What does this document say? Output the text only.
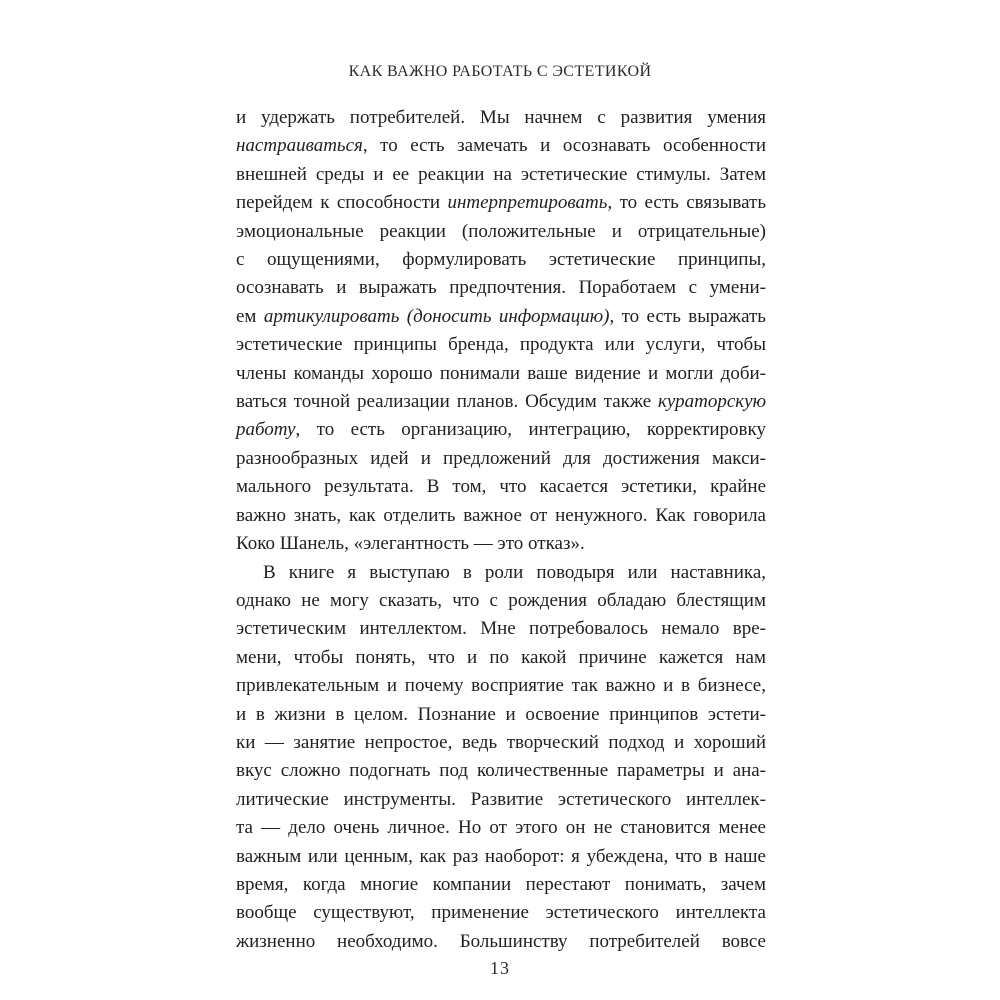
КАК ВАЖНО РАБОТАТЬ С ЭСТЕТИКОЙ
и удержать потребителей. Мы начнем с развития умения
настраиваться, то есть замечать и осознавать особенности
внешней среды и ее реакции на эстетические стимулы. Затем
перейдем к способности интерпретировать, то есть связывать
эмоциональные реакции (положительные и отрицательные)
с ощущениями, формулировать эстетические принципы,
осознавать и выражать предпочтения. Поработаем с умени-
ем артикулировать (доносить информацию), то есть выражать
эстетические принципы бренда, продукта или услуги, чтобы
члены команды хорошо понимали ваше видение и могли доби-
ваться точной реализации планов. Обсудим также кураторскую
работу, то есть организацию, интеграцию, корректировку
разнообразных идей и предложений для достижения макси-
мального результата. В том, что касается эстетики, крайне
важно знать, как отделить важное от ненужного. Как говорила
Коко Шанель, «элегантность — это отказ».
В книге я выступаю в роли поводыря или наставника,
однако не могу сказать, что с рождения обладаю блестящим
эстетическим интеллектом. Мне потребовалось немало вре-
мени, чтобы понять, что и по какой причине кажется нам
привлекательным и почему восприятие так важно и в бизнесе,
и в жизни в целом. Познание и освоение принципов эстети-
ки — занятие непростое, ведь творческий подход и хороший
вкус сложно подогнать под количественные параметры и ана-
литические инструменты. Развитие эстетического интеллек-
та — дело очень личное. Но от этого он не становится менее
важным или ценным, как раз наоборот: я убеждена, что в наше
время, когда многие компании перестают понимать, зачем
вообще существуют, применение эстетического интеллекта
жизненно необходимо. Большинству потребителей вовсе
13
